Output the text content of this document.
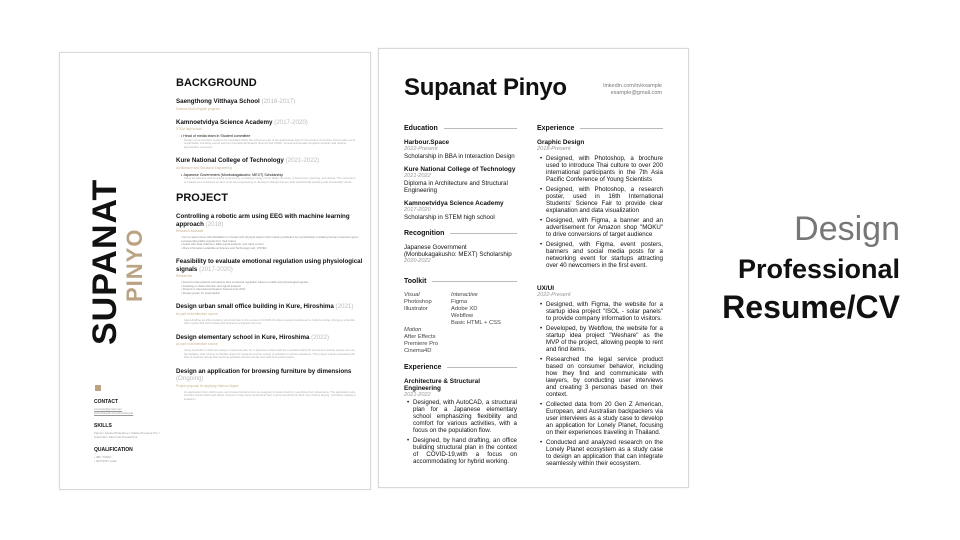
SUPANAT
PINYO
CONTACT
example@gmail.com
www.linkedin.com/in/example
SKILLS
Figma / Adobe Photoshop / Adobe Premiere Pro / AutoCAD / Microsoft PowerPoint
QUALIFICATION
• JBC TOEIC
• IELTS/GT exam
BACKGROUND
Saengthong Vitthaya School (2016-2017)
Science-Math-English program
Kamnoetvidya Science Academy (2017-2020)
STEM high school
• Head of media team in Student committee
Design communicative media to be circulated within the school as part of the audiovisual duty for the student committee school-wide event organization including events such as International Student Science Fair (ISSF), annual school-wide Songkran festival, and teacher appreciation ceremony.
Kure National College of Technology (2021-2022)
Architecture and Structural Engineering
• Japanese Government (Monbukagakusho: MEXT) Scholarship
Study architecture and structural engineering, consisting mainly of four fields: structure, environment, planning, and design. The curriculum is created as a combined product of art and engineering to develop buildings that are both aesthetically pleasing and functionally sound.
PROJECT
Controlling a robotic arm using EEG with machine learning approach (2018)
Research Assistant
• Aim to assist those with disabilities to interact with physical objects with robotic prosthetics by mechanically emulating human movement given corresponding EEG signals from their brains
• Assist with data collection, EEG signal analysis, and robot control
• More information available at Science and Technology Lab, VISTEC
Feasibility to evaluate emotional regulation using physiological signals (2017-2020)
Researcher
• Aimed to help patients self-assess their emotional regulation based on skills and physiological signals
• Assisting on data collection and signal analysis
• Present in International Student Science Fair 2020
• Design poster for presentation
Design urban small office building in Kure, Hiroshima (2021)
As part of architecture course
Hand-drafting an office building structural plan in the context of COVID-19 where people transitioned to hybrid working. Aiming at a flexible office space that both rentals and business occupants can use.
Design elementary school in Kure, Hiroshima (2022)
As part of architecture course
Using AutoCAD to draft and design a structural plan for a Japanese school with the emphasis that both school and outside people can use the facilities, with a focus on flexible space for students and the variety of activities in various situations. This project mainly considered the flow of students during their learning activities and the faculty and staff during their duties.
Design an application for browsing furniture by dimensions (Ongoing)
Project proposal for applying Harbour.Space
An application from which users can browse furniture from an assigned furniture brand by specifying their dimensions. The application also includes visual charts and tables of sizes to help users understand how a piece would fit into their room before buying. (Continue reading in LinkedIn)
Supanat Pinyo	linkedin.com/in/example
example@gmail.com
Education
Harbour.Space
2022-Present
Scholarship in BBA in Interaction Design
Kure National College of Technology
2021-2022
Diploma in Architecture and Structural Engineering
Kamnoetvidya Science Academy
2017-2020
Scholarship in STEM high school
Recognition
Japanese Government (Monbukagakusho: MEXT) Scholarship
2020-2022
Toolkit
Visual	Interactive
Photoshop	Figma
Illustrator	Adobe XD
Webflow
Basic HTML + CSS
Motion
After Effects
Premiere Pro
Cinema4D
Experience
Architecture & Structural Engineering
2021-2022
• Designed, with AutoCAD, a structural plan for a Japanese elementary school emphasizing flexibility and comfort for various activities, with a focus on the population flow.
• Designed, by hand drafting, an office building structural plan in the context of COVID-19,with a focus on accommodating for hybrid working.
Experience
Graphic Design
2018-Present
• Designed, with Photoshop, a brochure used to introduce Thai culture to over 200 international participants in the 7th Asia Pacific Conference of Young Scientists
• Designed, with Photoshop, a research poster, used in 16th International Students' Science Fair to provide clear explanation and data visualization
• Designed, with Figma, a banner and an advertisement for Amazon shop "MOKU" to drive conversions of target audience
• Designed, with Figma, event posters, banners and social media posts for a networking event for startups attracting over 40 newcomers in the first event.
UX/UI
2022-Present
• Designed, with Figma, the website for a startup idea project "ISOL - solar panels" to provide company information to visitors.
• Developed, by Webflow, the website for a startup idea project "Weshare" as the MVP of the project, allowing people to rent and find items.
• Researched the legal service product based on consumer behavior, including how they find and communicate with lawyers, by conducting user interviews and creating 3 personas based on their context.
• Collected data from 20 Gen Z American, European, and Australian backpackers via user interviews as a study case to develop an application for Lonely Planet, focusing on their experiences traveling in Thailand.
• Conducted and analyzed research on the Lonely Planet ecosystem as a study case to design an application that can integrate seamlessly within their ecosystem.
Design
Professional
Resume/CV
